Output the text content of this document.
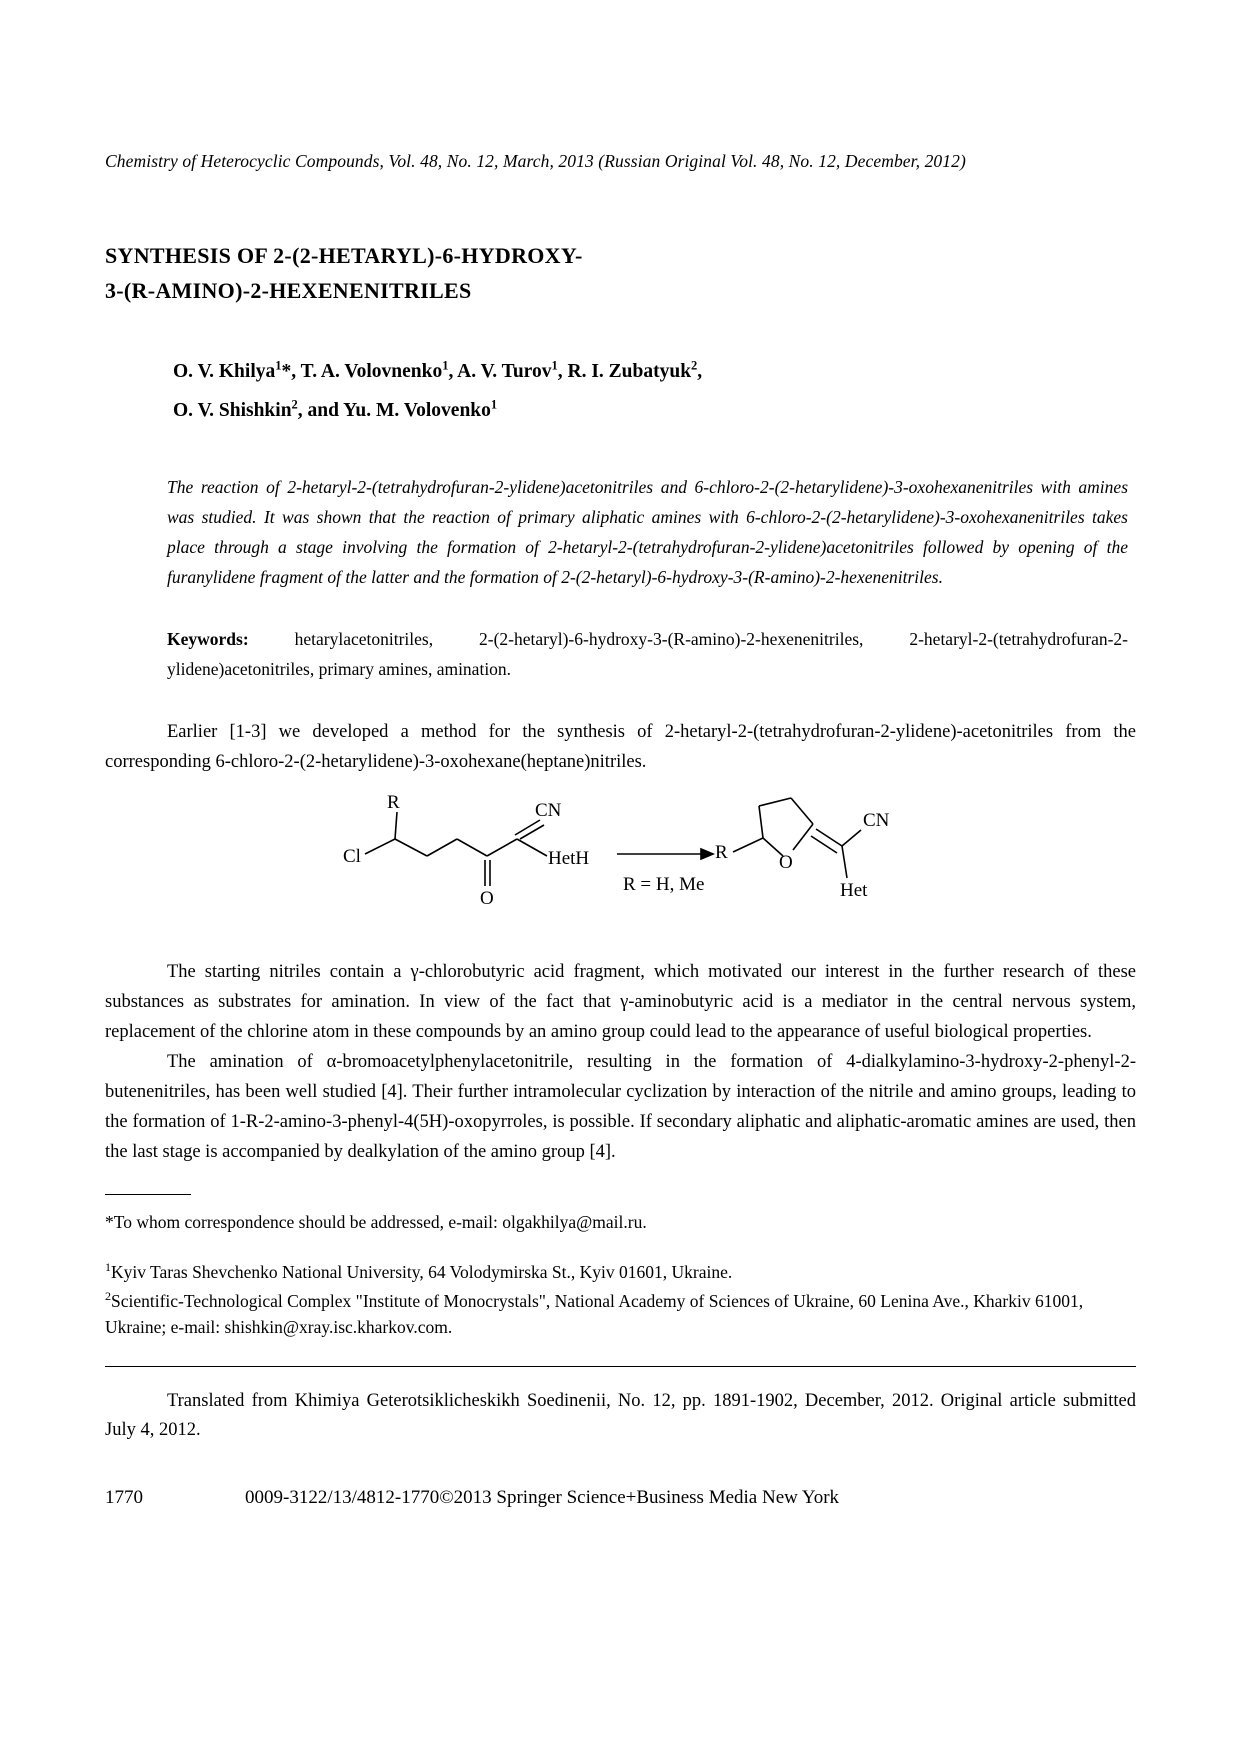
Chemistry of Heterocyclic Compounds, Vol. 48, No. 12, March, 2013 (Russian Original Vol. 48, No. 12, December, 2012)
SYNTHESIS OF 2-(2-HETARYL)-6-HYDROXY-
3-(R-AMINO)-2-HEXENENITRILES
O. V. Khilya$^1$*, T. A. Volovnenko$^1$, A. V. Turov$^1$, R. I. Zubatyuk$^2$,
O. V. Shishkin$^2$, and Yu. M. Volovenko$^1$
The reaction of 2-hetaryl-2-(tetrahydrofuran-2-ylidene)acetonitriles and 6-chloro-2-(2-hetarylidene)-3-oxohexanenitriles with amines was studied. It was shown that the reaction of primary aliphatic amines with 6-chloro-2-(2-hetarylidene)-3-oxohexanenitriles takes place through a stage involving the formation of 2-hetaryl-2-(tetrahydrofuran-2-ylidene)acetonitriles followed by opening of the furanylidene fragment of the latter and the formation of 2-(2-hetaryl)-6-hydroxy-3-(R-amino)-2-hexenenitriles.
Keywords: hetarylacetonitriles, 2-(2-hetaryl)-6-hydroxy-3-(R-amino)-2-hexenenitriles, 2-hetaryl-2-(tetrahydrofuran-2-ylidene)acetonitriles, primary amines, amination.

Earlier [1-3] we developed a method for the synthesis of 2-hetaryl-2-(tetrahydrofuran-2-ylidene)-acetonitriles from the corresponding 6-chloro-2-(2-hetarylidene)-3-oxohexane(heptane)nitriles.

R
Cl
CN
O
HetH
R = H, Me
R	O
CN
Het

The starting nitriles contain a γ-chlorobutyric acid fragment, which motivated our interest in the further research of these substances as substrates for amination. In view of the fact that γ-aminobutyric acid is a mediator in the central nervous system, replacement of the chlorine atom in these compounds by an amino group could lead to the appearance of useful biological properties.

The amination of α-bromoacetylphenylacetonitrile, resulting in the formation of 4-dialkylamino-3-hydroxy-2-phenyl-2-butenenitriles, has been well studied [4]. Their further intramolecular cyclization by interaction of the nitrile and amino groups, leading to the formation of 1-R-2-amino-3-phenyl-4(5H)-oxopyrroles, is possible. If secondary aliphatic and aliphatic-aromatic amines are used, then the last stage is accompanied by dealkylation of the amino group [4].

*To whom correspondence should be addressed, e-mail: olgakhilya@mail.ru.
$^1$Kyiv Taras Shevchenko National University, 64 Volodymirska St., Kyiv 01601, Ukraine.
$^2$Scientific-Technological Complex "Institute of Monocrystals", National Academy of Sciences of Ukraine, 60 Lenina Ave., Kharkiv 61001, Ukraine; e-mail: shishkin@xray.isc.kharkov.com.

Translated from Khimiya Geterotsiklicheskikh Soedinenii, No. 12, pp. 1891-1902, December, 2012. Original article submitted July 4, 2012.

1770	0009-3122/13/4812-1770©2013 Springer Science+Business Media New York
